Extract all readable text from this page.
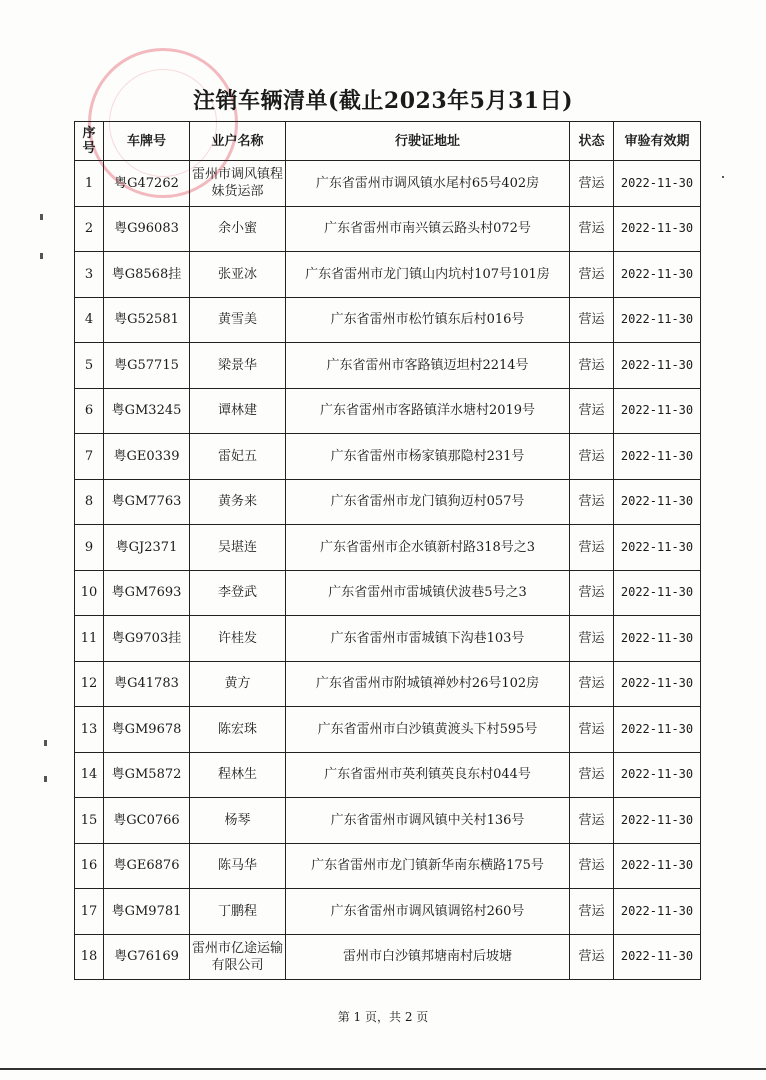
注销车辆清单(截止2023年5月31日)
序
号	车牌号	业户名称	行驶证地址	状态	审验有效期
1	粤G47262	雷州市调风镇程妹货运部	广东省雷州市调风镇水尾村65号402房	营运	2022-11-30
2	粤G96083	余小蜜	广东省雷州市南兴镇云路头村072号	营运	2022-11-30
3	粤G8568挂	张亚冰	广东省雷州市龙门镇山内坑村107号101房	营运	2022-11-30
4	粤G52581	黄雪美	广东省雷州市松竹镇东后村016号	营运	2022-11-30
5	粤G57715	梁景华	广东省雷州市客路镇迈坦村2214号	营运	2022-11-30
6	粤GM3245	谭林建	广东省雷州市客路镇洋水塘村2019号	营运	2022-11-30
7	粤GE0339	雷妃五	广东省雷州市杨家镇那隐村231号	营运	2022-11-30
8	粤GM7763	黄务来	广东省雷州市龙门镇狗迈村057号	营运	2022-11-30
9	粤GJ2371	吴堪连	广东省雷州市企水镇新村路318号之3	营运	2022-11-30
10	粤GM7693	李登武	广东省雷州市雷城镇伏波巷5号之3	营运	2022-11-30
11	粤G9703挂	许桂发	广东省雷州市雷城镇下沟巷103号	营运	2022-11-30
12	粤G41783	黄方	广东省雷州市附城镇禅妙村26号102房	营运	2022-11-30
13	粤GM9678	陈宏珠	广东省雷州市白沙镇黄渡头下村595号	营运	2022-11-30
14	粤GM5872	程林生	广东省雷州市英利镇英良东村044号	营运	2022-11-30
15	粤GC0766	杨琴	广东省雷州市调风镇中关村136号	营运	2022-11-30
16	粤GE6876	陈马华	广东省雷州市龙门镇新华南东横路175号	营运	2022-11-30
17	粤GM9781	丁鹏程	广东省雷州市调风镇调铭村260号	营运	2022-11-30
18	粤G76169	雷州市亿途运输有限公司	雷州市白沙镇邦塘南村后坡塘	营运	2022-11-30
第 1 页，共 2 页
